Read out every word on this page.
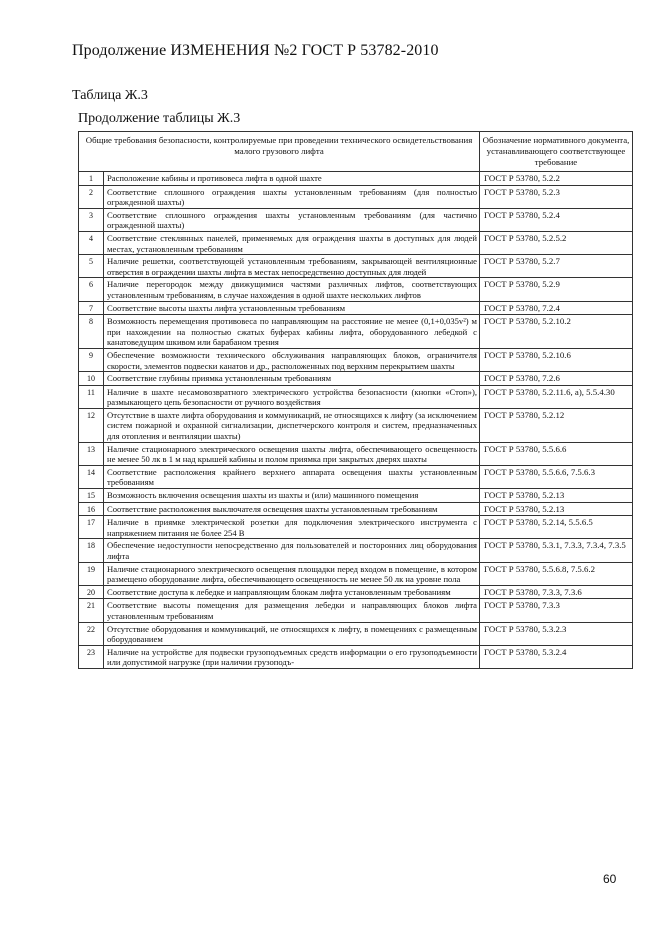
Продолжение ИЗМЕНЕНИЯ №2 ГОСТ Р 53782-2010
Таблица Ж.3
Продолжение таблицы Ж.3
Общие требования безопасности, контролируемые при проведении технического освидетельствования малого грузового лифта		Обозначение нормативного документа, устанавливающего соответствующее требование
1	Расположение кабины и противовеса лифта в одной шахте	ГОСТ Р 53780, 5.2.2
2	Соответствие сплошного ограждения шахты установленным требованиям (для полностью огражденной шахты)	ГОСТ Р 53780, 5.2.3
3	Соответствие сплошного ограждения шахты установленным требованиям (для частично огражденной шахты)	ГОСТ Р 53780, 5.2.4
4	Соответствие стеклянных панелей, применяемых для ограждения шахты в доступных для людей местах, установленным требованиям	ГОСТ Р 53780, 5.2.5.2
5	Наличие решетки, соответствующей установленным требованиям, закрывающей вентиляционные отверстия в ограждении шахты лифта в местах непосредственно доступных для людей	ГОСТ Р 53780, 5.2.7
6	Наличие перегородок между движущимися частями различных лифтов, соответствующих установленным требованиям, в случае нахождения в одной шахте нескольких лифтов	ГОСТ Р 53780, 5.2.9
7	Соответствие высоты шахты лифта установленным требованиям	ГОСТ Р 53780, 7.2.4
8	Возможность перемещения противовеса по направляющим на расстояние не менее (0,1+0,035v²) м при нахождении на полностью сжатых буферах кабины лифта, оборудованного лебедкой с канатоведущим шкивом или барабаном трения	ГОСТ Р 53780, 5.2.10.2
9	Обеспечение возможности технического обслуживания направляющих блоков, ограничителя скорости, элементов подвески канатов и др., расположенных под верхним перекрытием шахты	ГОСТ Р 53780, 5.2.10.6
10	Соответствие глубины приямка установленным требованиям	ГОСТ Р 53780, 7.2.6
11	Наличие в шахте несамовозвратного электрического устройства безопасности (кнопки «Стоп»), размыкающего цепь безопасности от ручного воздействия	ГОСТ Р 53780, 5.2.11.6, а), 5.5.4.30
12	Отсутствие в шахте лифта оборудования и коммуникаций, не относящихся к лифту (за исключением систем пожарной и охранной сигнализации, диспетчерского контроля и систем, предназначенных для отопления и вентиляции шахты)	ГОСТ Р 53780, 5.2.12
13	Наличие стационарного электрического освещения шахты лифта, обеспечивающего освещенность не менее 50 лк в 1 м над крышей кабины и полом приямка при закрытых дверях шахты	ГОСТ Р 53780, 5.5.6.6
14	Соответствие расположения крайнего верхнего аппарата освещения шахты установленным требованиям	ГОСТ Р 53780, 5.5.6.6, 7.5.6.3
15	Возможность включения освещения шахты из шахты и (или) машинного помещения	ГОСТ Р 53780, 5.2.13
16	Соответствие расположения выключателя освещения шахты установленным требованиям	ГОСТ Р 53780, 5.2.13
17	Наличие в приямке электрической розетки для подключения электрического инструмента с напряжением питания не более 254 В	ГОСТ Р 53780, 5.2.14, 5.5.6.5
18	Обеспечение недоступности непосредственно для пользователей и посторонних лиц оборудования лифта	ГОСТ Р 53780, 5.3.1, 7.3.3, 7.3.4, 7.3.5
19	Наличие стационарного электрического освещения площадки перед входом в помещение, в котором размещено оборудование лифта, обеспечивающего освещенность не менее 50 лк на уровне пола	ГОСТ Р 53780, 5.5.6.8, 7.5.6.2
20	Соответствие доступа к лебедке и направляющим блокам лифта установленным требованиям	ГОСТ Р 53780, 7.3.3, 7.3.6
21	Соответствие высоты помещения для размещения лебедки и направляющих блоков лифта установленным требованиям	ГОСТ Р 53780, 7.3.3
22	Отсутствие оборудования и коммуникаций, не относящихся к лифту, в помещениях с размещенным оборудованием	ГОСТ Р 53780, 5.3.2.3
23	Наличие на устройстве для подвески грузоподъемных средств информации о его грузоподъемности или допустимой нагрузке (при наличии грузоподъ-	ГОСТ Р 53780, 5.3.2.4
60
